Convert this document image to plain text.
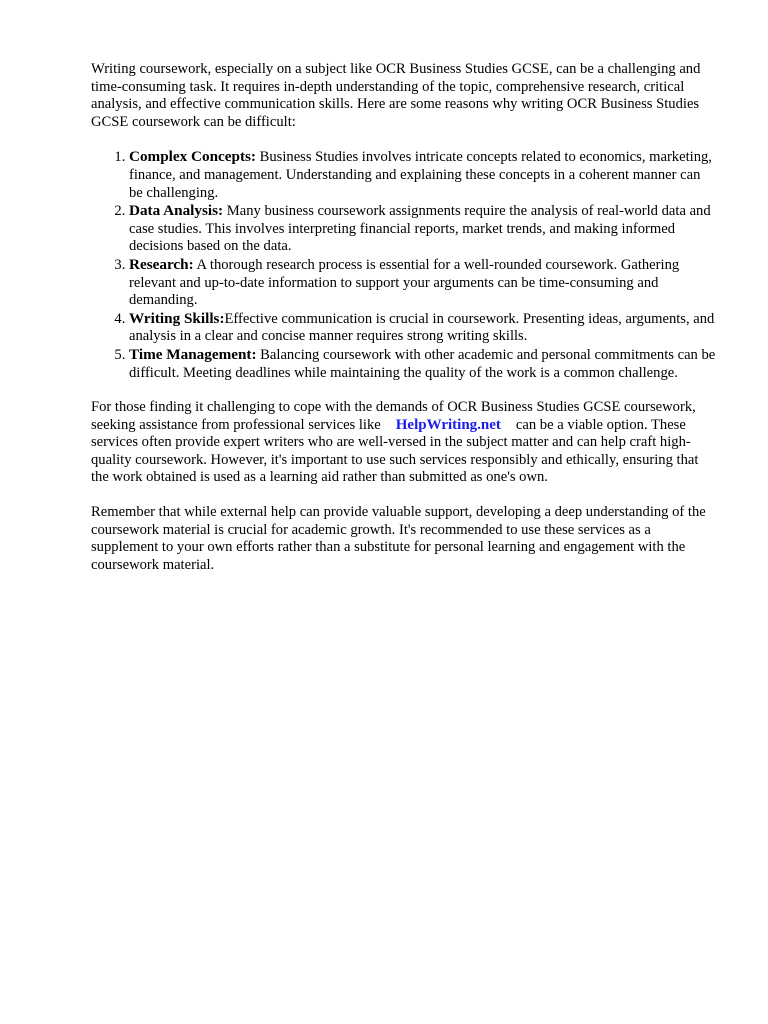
Writing coursework, especially on a subject like OCR Business Studies GCSE, can be a challenging and time-consuming task. It requires in-depth understanding of the topic, comprehensive research, critical analysis, and effective communication skills. Here are some reasons why writing OCR Business Studies GCSE coursework can be difficult:

1. Complex Concepts: Business Studies involves intricate concepts related to economics, marketing, finance, and management. Understanding and explaining these concepts in a coherent manner can be challenging.
2. Data Analysis: Many business coursework assignments require the analysis of real-world data and case studies. This involves interpreting financial reports, market trends, and making informed decisions based on the data.
3. Research: A thorough research process is essential for a well-rounded coursework. Gathering relevant and up-to-date information to support your arguments can be time-consuming and demanding.
4. Writing Skills:Effective communication is crucial in coursework. Presenting ideas, arguments, and analysis in a clear and concise manner requires strong writing skills.
5. Time Management: Balancing coursework with other academic and personal commitments can be difficult. Meeting deadlines while maintaining the quality of the work is a common challenge.

For those finding it challenging to cope with the demands of OCR Business Studies GCSE coursework, seeking assistance from professional services like HelpWriting.net can be a viable option. These services often provide expert writers who are well-versed in the subject matter and can help craft high-quality coursework. However, it's important to use such services responsibly and ethically, ensuring that the work obtained is used as a learning aid rather than submitted as one's own.

Remember that while external help can provide valuable support, developing a deep understanding of the coursework material is crucial for academic growth. It's recommended to use these services as a supplement to your own efforts rather than a substitute for personal learning and engagement with the coursework material.
